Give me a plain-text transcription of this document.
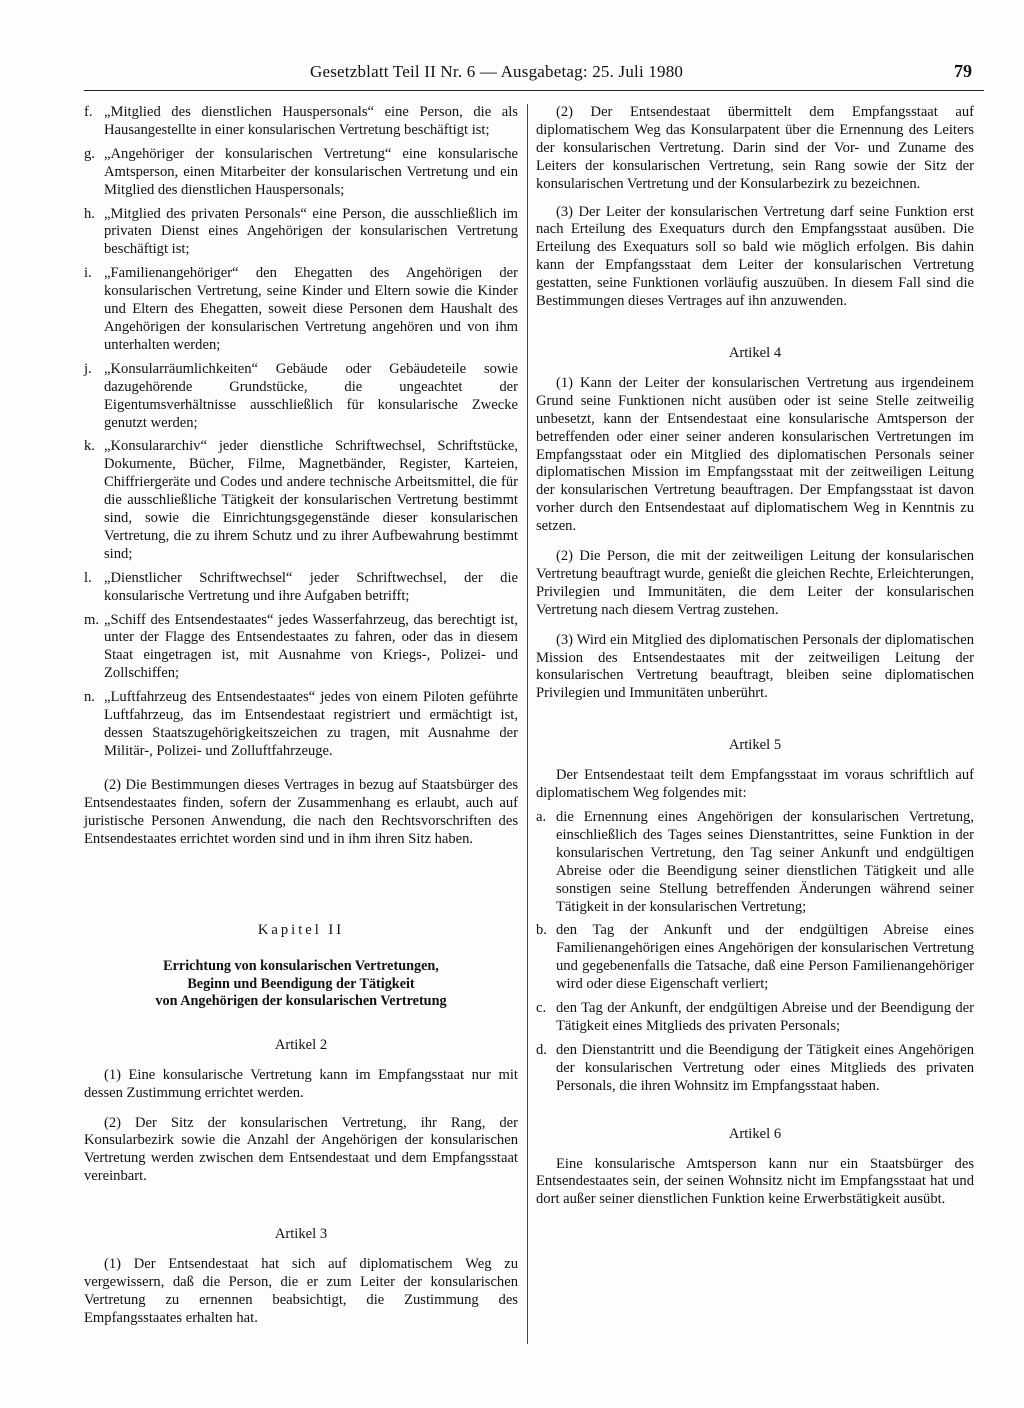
Gesetzblatt Teil II Nr. 6 — Ausgabetag: 25. Juli 1980	79
f. „Mitglied des dienstlichen Hauspersonals“ eine Person, die als Hausangestellte in einer konsularischen Vertretung beschäftigt ist;
g. „Angehöriger der konsularischen Vertretung“ eine konsularische Amtsperson, einen Mitarbeiter der konsularischen Vertretung und ein Mitglied des dienstlichen Hauspersonals;
h. „Mitglied des privaten Personals“ eine Person, die ausschließlich im privaten Dienst eines Angehörigen der konsularischen Vertretung beschäftigt ist;
i. „Familienangehöriger“ den Ehegatten des Angehörigen der konsularischen Vertretung, seine Kinder und Eltern sowie die Kinder und Eltern des Ehegatten, soweit diese Personen dem Haushalt des Angehörigen der konsularischen Vertretung angehören und von ihm unterhalten werden;
j. „Konsularräumlichkeiten“ Gebäude oder Gebäudeteile sowie dazugehörende Grundstücke, die ungeachtet der Eigentumsverhältnisse ausschließlich für konsularische Zwecke genutzt werden;
k. „Konsulararchiv“ jeder dienstliche Schriftwechsel, Schriftstücke, Dokumente, Bücher, Filme, Magnetbänder, Register, Karteien, Chiffriergeräte und Codes und andere technische Arbeitsmittel, die für die ausschließliche Tätigkeit der konsularischen Vertretung bestimmt sind, sowie die Einrichtungsgegenstände dieser konsularischen Vertretung, die zu ihrem Schutz und zu ihrer Aufbewahrung bestimmt sind;
l. „Dienstlicher Schriftwechsel“ jeder Schriftwechsel, der die konsularische Vertretung und ihre Aufgaben betrifft;
m. „Schiff des Entsendestaates“ jedes Wasserfahrzeug, das berechtigt ist, unter der Flagge des Entsendestaates zu fahren, oder das in diesem Staat eingetragen ist, mit Ausnahme von Kriegs-, Polizei- und Zollschiffen;
n. „Luftfahrzeug des Entsendestaates“ jedes von einem Piloten geführte Luftfahrzeug, das im Entsendestaat registriert und ermächtigt ist, dessen Staatszugehörigkeitszeichen zu tragen, mit Ausnahme der Militär-, Polizei- und Zolluftfahrzeuge.

(2) Die Bestimmungen dieses Vertrages in bezug auf Staatsbürger des Entsendestaates finden, sofern der Zusammenhang es erlaubt, auch auf juristische Personen Anwendung, die nach den Rechtsvorschriften des Entsendestaates errichtet worden sind und in ihm ihren Sitz haben.

Kapitel II

Errichtung von konsularischen Vertretungen,
Beginn und Beendigung der Tätigkeit
von Angehörigen der konsularischen Vertretung

Artikel 2

(1) Eine konsularische Vertretung kann im Empfangsstaat nur mit dessen Zustimmung errichtet werden.

(2) Der Sitz der konsularischen Vertretung, ihr Rang, der Konsularbezirk sowie die Anzahl der Angehörigen der konsularischen Vertretung werden zwischen dem Entsendestaat und dem Empfangsstaat vereinbart.

Artikel 3

(1) Der Entsendestaat hat sich auf diplomatischem Weg zu vergewissern, daß die Person, die er zum Leiter der konsularischen Vertretung zu ernennen beabsichtigt, die Zustimmung des Empfangsstaates erhalten hat.

(2) Der Entsendestaat übermittelt dem Empfangsstaat auf diplomatischem Weg das Konsularpatent über die Ernennung des Leiters der konsularischen Vertretung. Darin sind der Vor- und Zuname des Leiters der konsularischen Vertretung, sein Rang sowie der Sitz der konsularischen Vertretung und der Konsularbezirk zu bezeichnen.

(3) Der Leiter der konsularischen Vertretung darf seine Funktion erst nach Erteilung des Exequaturs durch den Empfangsstaat ausüben. Die Erteilung des Exequaturs soll so bald wie möglich erfolgen. Bis dahin kann der Empfangsstaat dem Leiter der konsularischen Vertretung gestatten, seine Funktionen vorläufig auszuüben. In diesem Fall sind die Bestimmungen dieses Vertrages auf ihn anzuwenden.

Artikel 4

(1) Kann der Leiter der konsularischen Vertretung aus irgendeinem Grund seine Funktionen nicht ausüben oder ist seine Stelle zeitweilig unbesetzt, kann der Entsendestaat eine konsularische Amtsperson der betreffenden oder einer seiner anderen konsularischen Vertretungen im Empfangsstaat oder ein Mitglied des diplomatischen Personals seiner diplomatischen Mission im Empfangsstaat mit der zeitweiligen Leitung der konsularischen Vertretung beauftragen. Der Empfangsstaat ist davon vorher durch den Entsendestaat auf diplomatischem Weg in Kenntnis zu setzen.

(2) Die Person, die mit der zeitweiligen Leitung der konsularischen Vertretung beauftragt wurde, genießt die gleichen Rechte, Erleichterungen, Privilegien und Immunitäten, die dem Leiter der konsularischen Vertretung nach diesem Vertrag zustehen.

(3) Wird ein Mitglied des diplomatischen Personals der diplomatischen Mission des Entsendestaates mit der zeitweiligen Leitung der konsularischen Vertretung beauftragt, bleiben seine diplomatischen Privilegien und Immunitäten unberührt.

Artikel 5

Der Entsendestaat teilt dem Empfangsstaat im voraus schriftlich auf diplomatischem Weg folgendes mit:

a. die Ernennung eines Angehörigen der konsularischen Vertretung, einschließlich des Tages seines Dienstantrittes, seine Funktion in der konsularischen Vertretung, den Tag seiner Ankunft und endgültigen Abreise oder die Beendigung seiner dienstlichen Tätigkeit und alle sonstigen seine Stellung betreffenden Änderungen während seiner Tätigkeit in der konsularischen Vertretung;
b. den Tag der Ankunft und der endgültigen Abreise eines Familienangehörigen eines Angehörigen der konsularischen Vertretung und gegebenenfalls die Tatsache, daß eine Person Familienangehöriger wird oder diese Eigenschaft verliert;
c. den Tag der Ankunft, der endgültigen Abreise und der Beendigung der Tätigkeit eines Mitglieds des privaten Personals;
d. den Dienstantritt und die Beendigung der Tätigkeit eines Angehörigen der konsularischen Vertretung oder eines Mitglieds des privaten Personals, die ihren Wohnsitz im Empfangsstaat haben.

Artikel 6

Eine konsularische Amtsperson kann nur ein Staatsbürger des Entsendestaates sein, der seinen Wohnsitz nicht im Empfangsstaat hat und dort außer seiner dienstlichen Funktion keine Erwerbstätigkeit ausübt.
